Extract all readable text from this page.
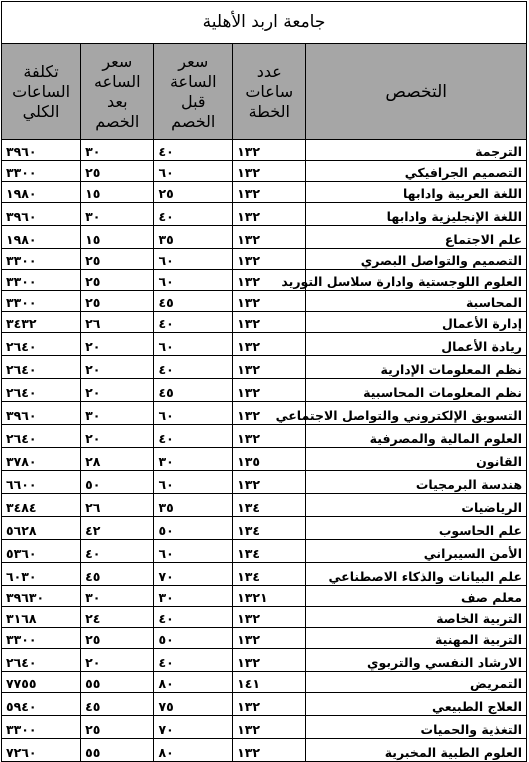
جامعة اربد الأهلية
التخصص	عدد ساعات الخطة	سعر الساعة قبل الخصم	سعر الساعه بعد الخصم	تكلفة الساعات الكلي
الترجمة	١٣٢	٤٠	٣٠	٣٩٦٠
التصميم الجرافيكي	١٣٢	٦٠	٢٥	٣٣٠٠
اللغة العربية وادابها	١٣٢	٢٥	١٥	١٩٨٠
اللغة الإنجليزية وادابها	١٣٢	٤٠	٣٠	٣٩٦٠
علم الاجتماع	١٣٢	٣٥	١٥	١٩٨٠
التصميم والتواصل البصري	١٣٢	٦٠	٢٥	٣٣٠٠
العلوم اللوجستية وادارة سلاسل التوريد	١٣٢	٦٠	٢٥	٣٣٠٠
المحاسبة	١٣٢	٤٥	٢٥	٣٣٠٠
إدارة الأعمال	١٣٢	٤٠	٢٦	٣٤٣٢
ريادة الأعمال	١٣٢	٦٠	٢٠	٢٦٤٠
نظم المعلومات الإدارية	١٣٢	٤٠	٢٠	٢٦٤٠
نظم المعلومات المحاسبية	١٣٢	٤٥	٢٠	٢٦٤٠
التسويق الإلكتروني والتواصل الاجتماعي	١٣٢	٦٠	٣٠	٣٩٦٠
العلوم المالية والمصرفية	١٣٢	٤٠	٢٠	٢٦٤٠
القانون	١٣٥	٣٠	٢٨	٣٧٨٠
هندسة البرمجيات	١٣٢	٦٠	٥٠	٦٦٠٠
الرياضيات	١٣٤	٣٥	٢٦	٣٤٨٤
علم الحاسوب	١٣٤	٥٠	٤٢	٥٦٢٨
الأمن السيبراني	١٣٤	٦٠	٤٠	٥٣٦٠
علم البيانات والذكاء الاصطناعي	١٣٤	٧٠	٤٥	٦٠٣٠
معلم صف	١٣٢١	٣٠	٣٠	٣٩٦٣٠
التربية الخاصة	١٣٢	٤٠	٢٤	٣١٦٨
التربية المهنية	١٣٢	٥٠	٢٥	٣٣٠٠
الارشاد النفسي والتربوي	١٣٢	٤٠	٢٠	٢٦٤٠
التمريض	١٤١	٨٠	٥٥	٧٧٥٥
العلاج الطبيعي	١٣٢	٧٥	٤٥	٥٩٤٠
التغذية والحميات	١٣٢	٧٠	٢٥	٣٣٠٠
العلوم الطبية المخبرية	١٣٢	٨٠	٥٥	٧٢٦٠
